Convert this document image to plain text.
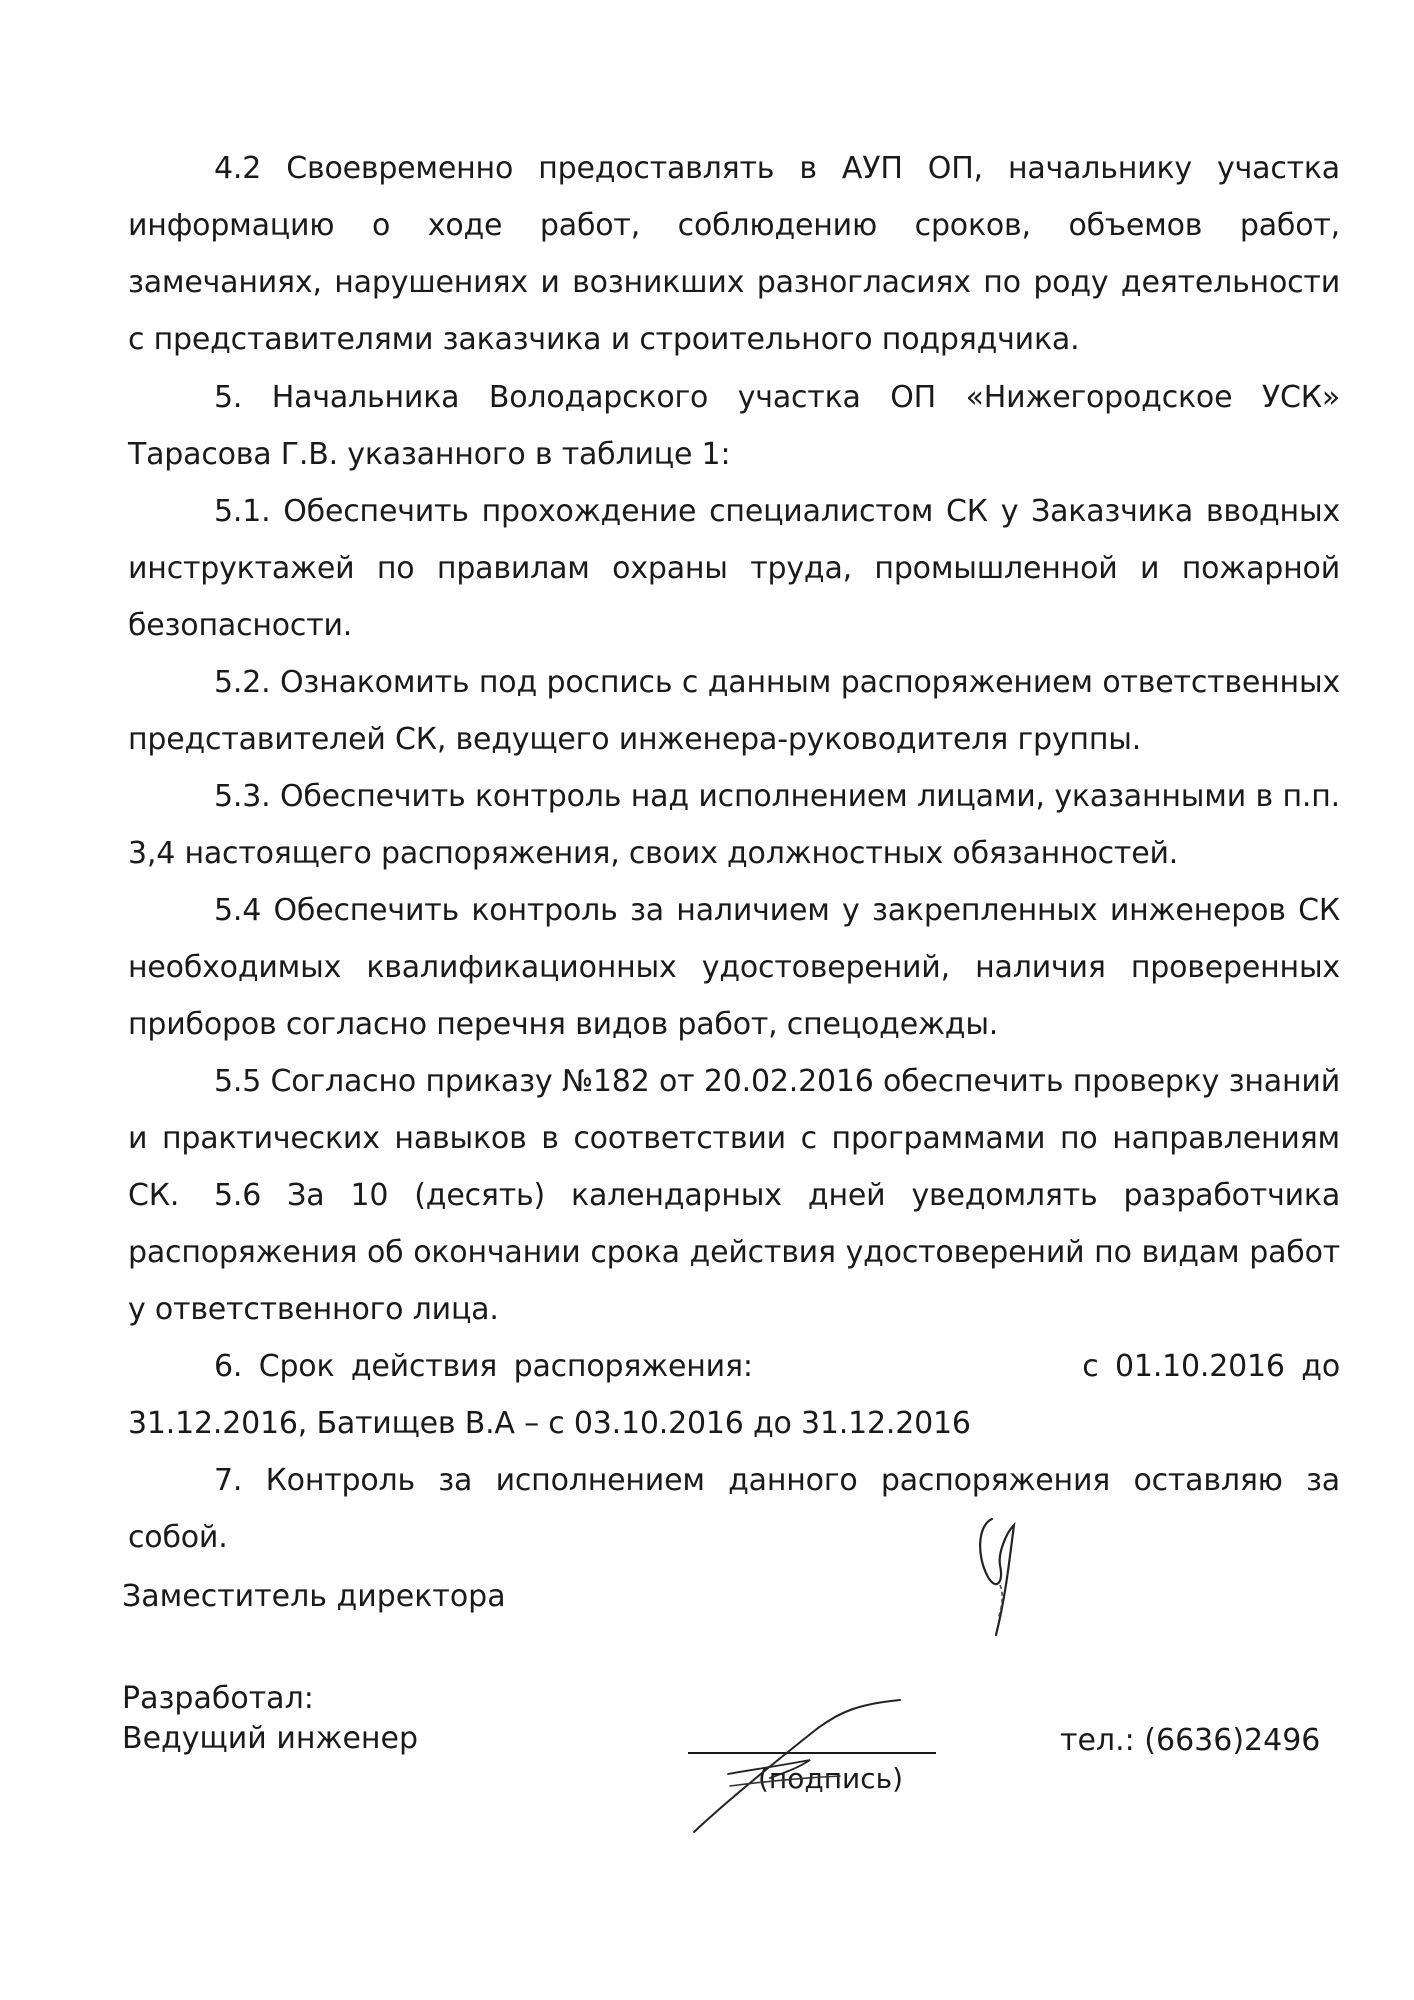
4.2 Своевременно предоставлять в АУП ОП, начальнику участка информацию о ходе работ, соблюдению сроков, объемов работ, замечаниях, нарушениях и возникших разногласиях по роду деятельности с представителями заказчика и строительного подрядчика.

5. Начальника Володарского участка ОП «Нижегородское УСК» Тарасова Г.В. указанного в таблице 1:

5.1. Обеспечить прохождение специалистом СК у Заказчика вводных инструктажей по правилам охраны труда, промышленной и пожарной безопасности.

5.2. Ознакомить под роспись с данным распоряжением ответственных представителей СК, ведущего инженера-руководителя группы.

5.3. Обеспечить контроль над исполнением лицами, указанными в п.п. 3,4 настоящего распоряжения, своих должностных обязанностей.

5.4 Обеспечить контроль за наличием у закрепленных инженеров СК необходимых квалификационных удостоверений, наличия проверенных приборов согласно перечня видов работ, спецодежды.

5.5 Согласно приказу №182 от 20.02.2016 обеспечить проверку знаний и практических навыков в соответствии с программами по направлениям СК.	5.6 За 10 (десять) календарных дней уведомлять разработчика распоряжения об окончании срока действия удостоверений по видам работ у ответственного лица.

6. Срок действия распоряжения:                    с 01.10.2016 до 31.12.2016, Батищев В.А – с 03.10.2016 до 31.12.2016

7. Контроль за исполнением данного распоряжения оставляю за собой.

Заместитель директора
Разработал:
Ведущий инженер
(подпись)
тел.: (6636)2496
